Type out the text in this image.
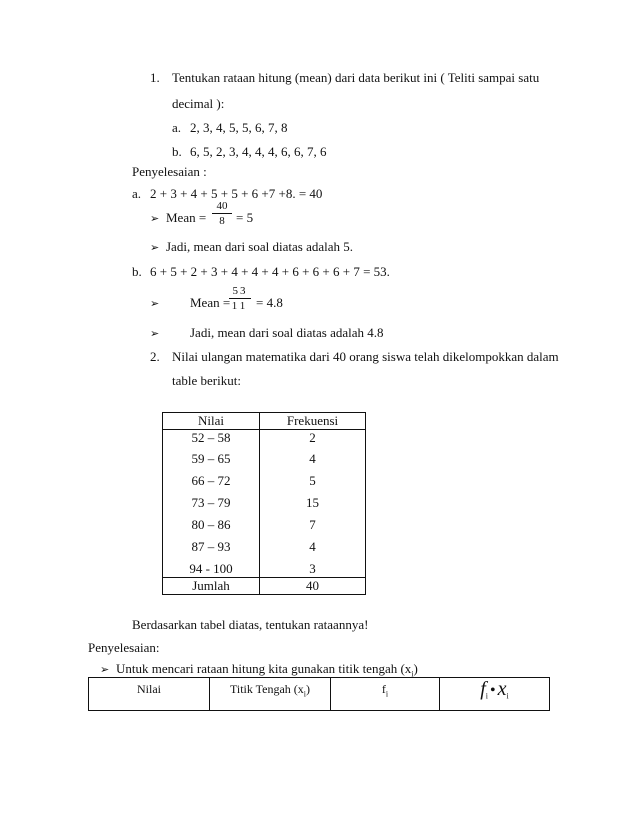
1. Tentukan rataan hitung (mean) dari data berikut ini ( Teliti sampai satu
decimal ):
a. 2, 3, 4, 5, 5, 6, 7, 8
b. 6, 5, 2, 3, 4, 4, 4, 6, 6, 7, 6
Penyelesaian :
a. 2 + 3 + 4 + 5 + 5 + 6 +7 +8. = 40
➢ Mean = $\frac{40}{8} = 5$
➢ Jadi, mean dari soal diatas adalah 5.
b. 6 + 5 + 2 + 3 + 4 + 4 + 4 + 6 + 6 + 6 + 7 = 53.
➢ Mean =
$\frac{53}{11} = 4.8$
➢ Jadi, mean dari soal diatas adalah 4.8
2. Nilai ulangan matematika dari 40 orang siswa telah dikelompokkan dalam
table berikut:
Nilai	Frekuensi
52 – 58	2
59 – 65	4
66 – 72	5
73 – 79	15
80 – 86	7
87 – 93	4
94 - 100	3
Jumlah	40
Berdasarkan tabel diatas, tentukan rataannya!
Penyelesaian:
➢ Untuk mencari rataan hitung kita gunakan titik tengah $(x_i)$
Nilai	Titik Tengah $(x_i)$	$f_i$	$f_i$ • $x_i$
